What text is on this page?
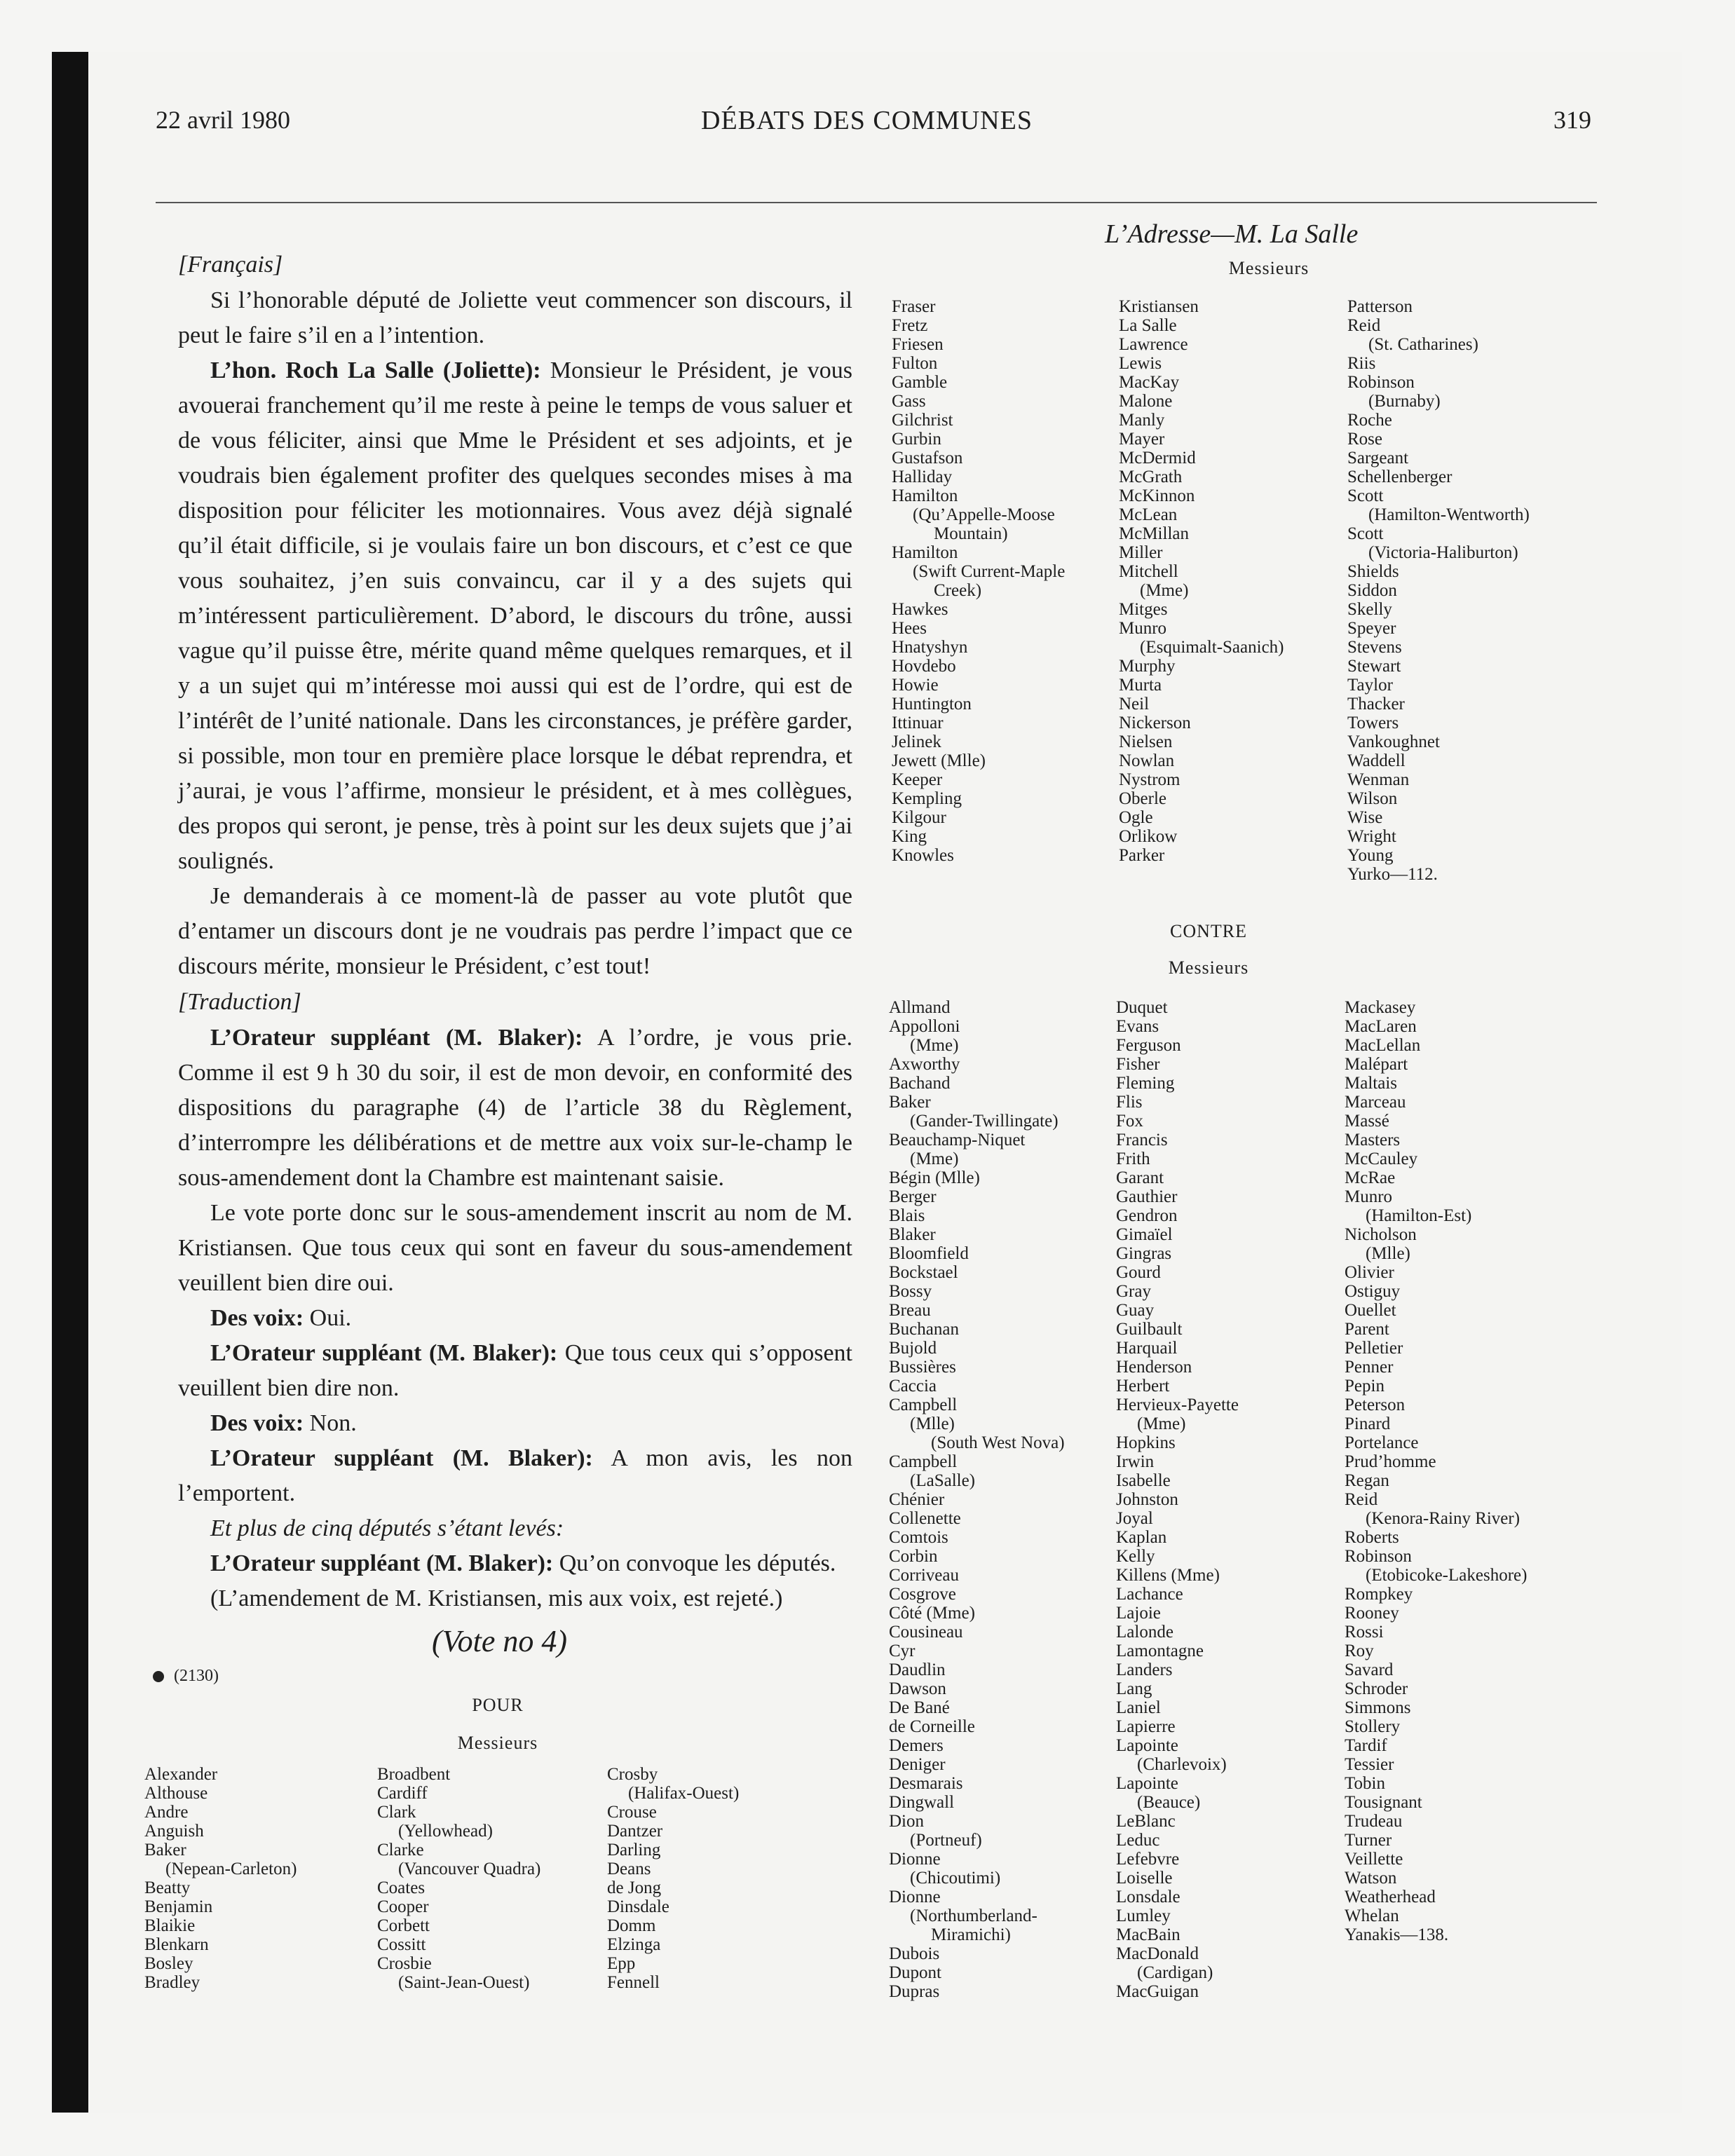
22 avril 1980	DÉBATS DES COMMUNES	319
L’Adresse—M. La Salle

[Français]

Si l’honorable député de Joliette veut commencer son discours, il peut le faire s’il en a l’intention.

L’hon. Roch La Salle (Joliette): Monsieur le Président, je vous avouerai franchement qu’il me reste à peine le temps de vous saluer et de vous féliciter, ainsi que Mme le Président et ses adjoints, et je voudrais bien également profiter des quelques secondes mises à ma disposition pour féliciter les motionnaires. Vous avez déjà signalé qu’il était difficile, si je voulais faire un bon discours, et c’est ce que vous souhaitez, j’en suis convaincu, car il y a des sujets qui m’intéressent particulièrement. D’abord, le discours du trône, aussi vague qu’il puisse être, mérite quand même quelques remarques, et il y a un sujet qui m’intéresse moi aussi qui est de l’ordre, qui est de l’intérêt de l’unité nationale. Dans les circonstances, je préfère garder, si possible, mon tour en première place lorsque le débat reprendra, et j’aurai, je vous l’affirme, monsieur le président, et à mes collègues, des propos qui seront, je pense, très à point sur les deux sujets que j’ai soulignés.

Je demanderais à ce moment-là de passer au vote plutôt que d’entamer un discours dont je ne voudrais pas perdre l’impact que ce discours mérite, monsieur le Président, c’est tout!

[Traduction]

L’Orateur suppléant (M. Blaker): A l’ordre, je vous prie. Comme il est 9 h 30 du soir, il est de mon devoir, en conformité des dispositions du paragraphe (4) de l’article 38 du Règlement, d’interrompre les délibérations et de mettre aux voix sur-le-champ le sous-amendement dont la Chambre est maintenant saisie.

Le vote porte donc sur le sous-amendement inscrit au nom de M. Kristiansen. Que tous ceux qui sont en faveur du sous-amendement veuillent bien dire oui.

Des voix: Oui.

L’Orateur suppléant (M. Blaker): Que tous ceux qui s’opposent veuillent bien dire non.

Des voix: Non.

L’Orateur suppléant (M. Blaker): A mon avis, les non l’emportent.

Et plus de cinq députés s’étant levés:

L’Orateur suppléant (M. Blaker): Qu’on convoque les députés.

(L’amendement de M. Kristiansen, mis aux voix, est rejeté.)

(Vote no 4)
(2130)
POUR
Messieurs
Messieurs
CONTRE
Messieurs
Alexander
Althouse
Andre
Anguish
Baker
(Nepean-Carleton)
Beatty
Benjamin
Blaikie
Blenkarn
Bosley
Bradley
Broadbent
Cardiff
Clark
(Yellowhead)
Clarke
(Vancouver Quadra)
Coates
Cooper
Corbett
Cossitt
Crosbie
(Saint-Jean-Ouest)
Crosby
(Halifax-Ouest)
Crouse
Dantzer
Darling
Deans
de Jong
Dinsdale
Domm
Elzinga
Epp
Fennell
Fraser
Fretz
Friesen
Fulton
Gamble
Gass
Gilchrist
Gurbin
Gustafson
Halliday
Hamilton
(Qu’Appelle-Moose
Mountain)
Hamilton
(Swift Current-Maple
Creek)
Hawkes
Hees
Hnatyshyn
Hovdebo
Howie
Huntington
Ittinuar
Jelinek
Jewett (Mlle)
Keeper
Kempling
Kilgour
King
Knowles
Kristiansen
La Salle
Lawrence
Lewis
MacKay
Malone
Manly
Mayer
McDermid
McGrath
McKinnon
McLean
McMillan
Miller
Mitchell
(Mme)
Mitges
Munro
(Esquimalt-Saanich)
Murphy
Murta
Neil
Nickerson
Nielsen
Nowlan
Nystrom
Oberle
Ogle
Orlikow
Parker
Patterson
Reid
(St. Catharines)
Riis
Robinson
(Burnaby)
Roche
Rose
Sargeant
Schellenberger
Scott
(Hamilton-Wentworth)
Scott
(Victoria-Haliburton)
Shields
Siddon
Skelly
Speyer
Stevens
Stewart
Taylor
Thacker
Towers
Vankoughnet
Waddell
Wenman
Wilson
Wise
Wright
Young
Yurko—112.
Allmand
Appolloni
(Mme)
Axworthy
Bachand
Baker
(Gander-Twillingate)
Beauchamp-Niquet
(Mme)
Bégin (Mlle)
Berger
Blais
Blaker
Bloomfield
Bockstael
Bossy
Breau
Buchanan
Bujold
Bussières
Caccia
Campbell
(Mlle)
(South West Nova)
Campbell
(LaSalle)
Chénier
Collenette
Comtois
Corbin
Corriveau
Cosgrove
Côté (Mme)
Cousineau
Cyr
Daudlin
Dawson
De Bané
de Corneille
Demers
Deniger
Desmarais
Dingwall
Dion
(Portneuf)
Dionne
(Chicoutimi)
Dionne
(Northumberland-
Miramichi)
Dubois
Dupont
Dupras
Duquet
Evans
Ferguson
Fisher
Fleming
Flis
Fox
Francis
Frith
Garant
Gauthier
Gendron
Gimaïel
Gingras
Gourd
Gray
Guay
Guilbault
Harquail
Henderson
Herbert
Hervieux-Payette
(Mme)
Hopkins
Irwin
Isabelle
Johnston
Joyal
Kaplan
Kelly
Killens (Mme)
Lachance
Lajoie
Lalonde
Lamontagne
Landers
Lang
Laniel
Lapierre
Lapointe
(Charlevoix)
Lapointe
(Beauce)
LeBlanc
Leduc
Lefebvre
Loiselle
Lonsdale
Lumley
MacBain
MacDonald
(Cardigan)
MacGuigan
Mackasey
MacLaren
MacLellan
Malépart
Maltais
Marceau
Massé
Masters
McCauley
McRae
Munro
(Hamilton-Est)
Nicholson
(Mlle)
Olivier
Ostiguy
Ouellet
Parent
Pelletier
Penner
Pepin
Peterson
Pinard
Portelance
Prud’homme
Regan
Reid
(Kenora-Rainy River)
Roberts
Robinson
(Etobicoke-Lakeshore)
Rompkey
Rooney
Rossi
Roy
Savard
Schroder
Simmons
Stollery
Tardif
Tessier
Tobin
Tousignant
Trudeau
Turner
Veillette
Watson
Weatherhead
Whelan
Yanakis—138.
